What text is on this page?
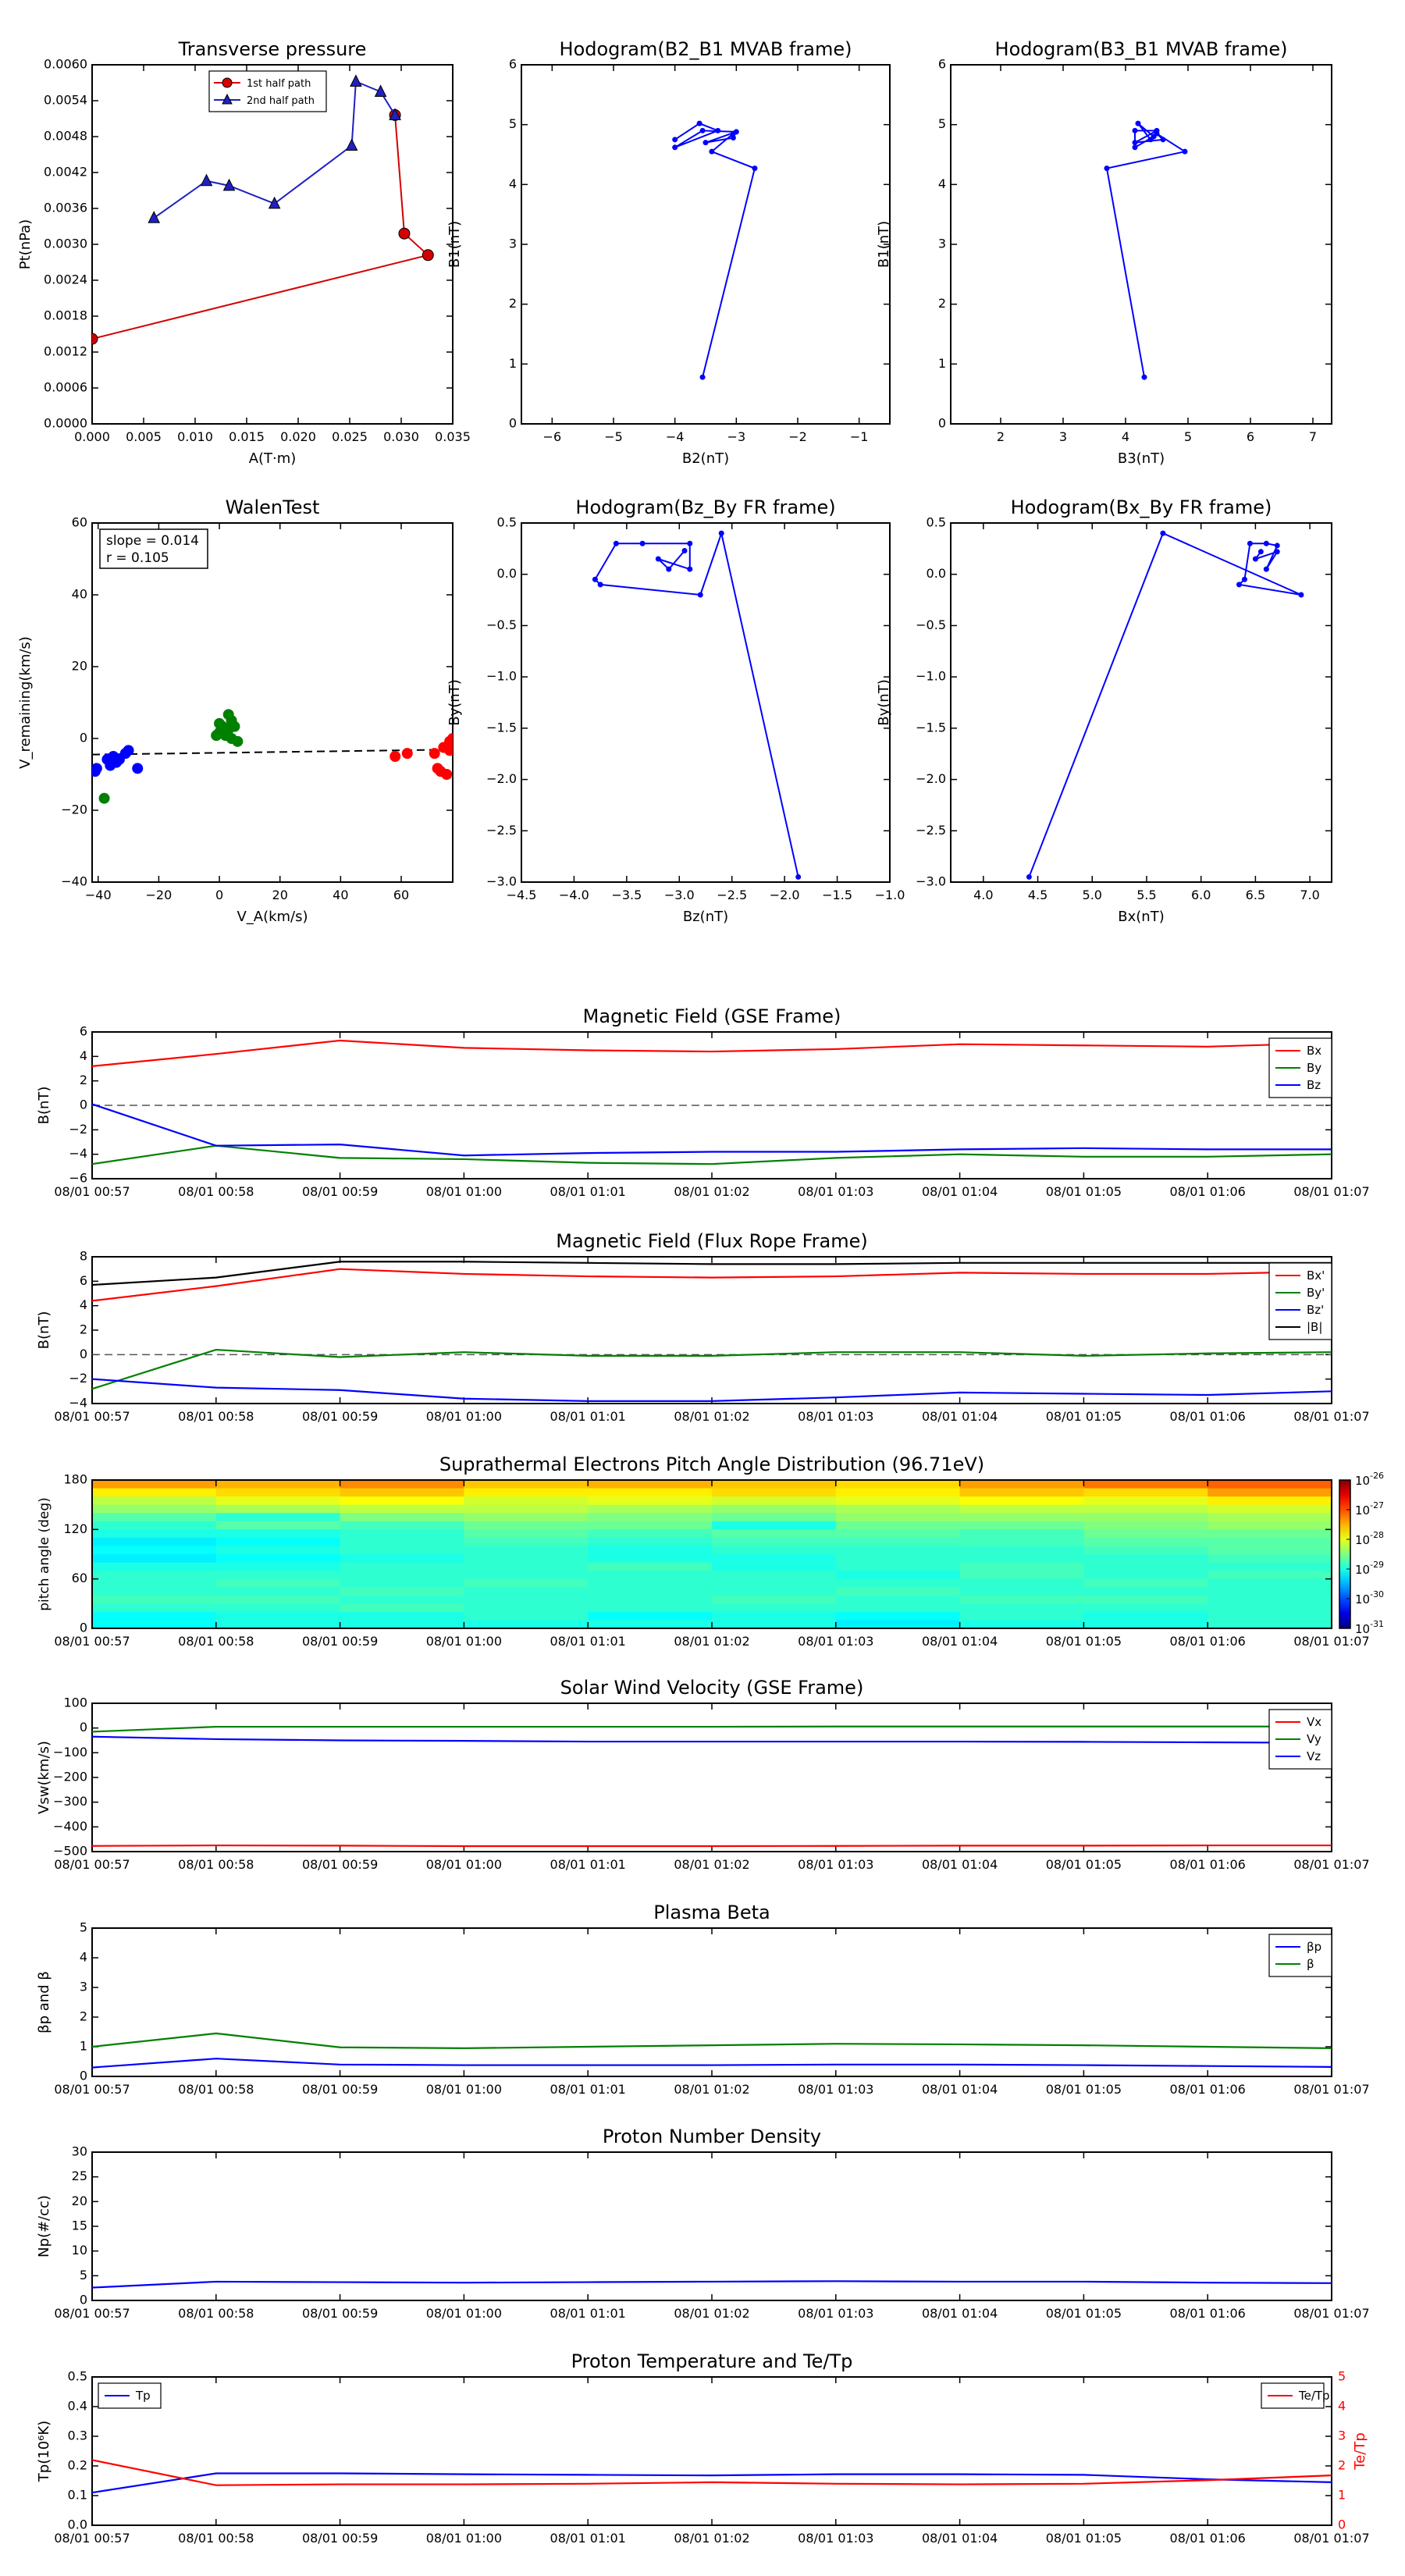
Transverse pressure
0.0000
0.0006
0.0012
0.0018
0.0024
0.0030
0.0036
0.0042
0.0048
0.0054
0.0060
0.000 0.005 0.010 0.015 0.020 0.025 0.030 0.035
A(T·m)
Pt(nPa)
1st half path
2nd half path
Hodogram(B2_B1 MVAB frame)
0
1
2
3
4
5
6
−6	−5	−4	−3	−2	−1
B2(nT)
B1(nT)
Hodogram(B3_B1 MVAB frame)
0
1
2
3
4
5
6
2	3	4	5	6	7
B3(nT)
B1(nT)
WalenTest
−40
−20
0
20
40
60
−40	−20	0	20	40	60
V_A(km/s)
V_remaining(km/s)
slope = 0.014
r = 0.105
Hodogram(Bz_By FR frame)
−3.0
−2.5
−2.0
−1.5
−1.0
−0.5
0.0
0.5
−4.5 −4.0 −3.5 −3.0 −2.5 −2.0 −1.5 −1.0
Bz(nT)
By(nT)
Hodogram(Bx_By FR frame)
−3.0
−2.5
−2.0
−1.5
−1.0
−0.5
0.0
0.5
4.0	4.5	5.0	5.5	6.0	6.5	7.0
Bx(nT)
By(nT)
Magnetic Field (GSE Frame)
−6
−4
−2
0
2
4
6
08/01 00:57	08/01 00:58	08/01 00:59	08/01 01:00	08/01 01:01	08/01 01:02	08/01 01:03	08/01 01:04	08/01 01:05	08/01 01:06	08/01 01:07
B(nT)
Bx
By
Bz
Magnetic Field (Flux Rope Frame)
−4
−2
0
2
4
6
8
08/01 00:57	08/01 00:58	08/01 00:59	08/01 01:00	08/01 01:01	08/01 01:02	08/01 01:03	08/01 01:04	08/01 01:05	08/01 01:06	08/01 01:07
B(nT)
Bx'
By'
Bz'
|B|
Solar Wind Velocity (GSE Frame)
−500
−400
−300
−200
−100
0
100
08/01 00:57	08/01 00:58	08/01 00:59	08/01 01:00	08/01 01:01	08/01 01:02	08/01 01:03	08/01 01:04	08/01 01:05	08/01 01:06	08/01 01:07
Vsw(km/s)
Vx
Vy
Vz
Plasma Beta
0
1
2
3
4
5
08/01 00:57	08/01 00:58	08/01 00:59	08/01 01:00	08/01 01:01	08/01 01:02	08/01 01:03	08/01 01:04	08/01 01:05	08/01 01:06	08/01 01:07
βp and β
βp
β
Proton Number Density
0
5
10
15
20
25
30
08/01 00:57	08/01 00:58	08/01 00:59	08/01 01:00	08/01 01:01	08/01 01:02	08/01 01:03	08/01 01:04	08/01 01:05	08/01 01:06	08/01 01:07
Np(#/cc)
Proton Temperature and Te/Tp
0.0
0.1
0.2
0.3
0.4
0.5
08/01 00:57	08/01 00:58	08/01 00:59	08/01 01:00	08/01 01:01	08/01 01:02	08/01 01:03	08/01 01:04	08/01 01:05	08/01 01:06	08/01 01:07
Tp(10⁶K)
0
1
2
3
4
5
Te/Tp
Tp	Te/Tp
Suprathermal Electrons Pitch Angle Distribution (96.71eV)
0
60
120
180
08/01 00:57	08/01 00:58	08/01 00:59	08/01 01:00	08/01 01:01	08/01 01:02	08/01 01:03	08/01 01:04	08/01 01:05	08/01 01:06	08/01 01:07
pitch angle (deg)
$10^{-26}$
$10^{-27}$
$10^{-28}$
$10^{-29}$
$10^{-30}$
$10^{-31}$
